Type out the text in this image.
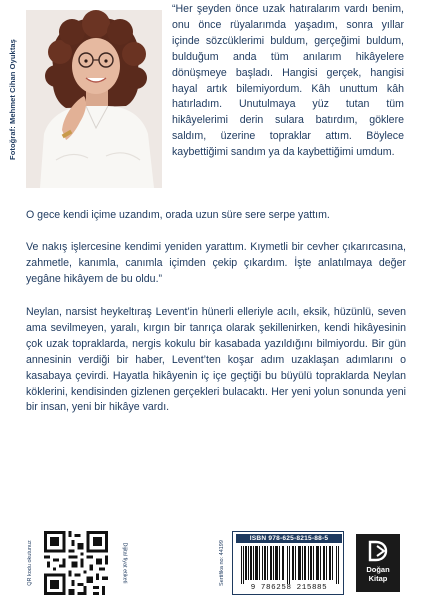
Fotoğraf: Mehmet Cihan Oyuktaş
“Her şeyden önce uzak hatıralarım vardı benim, onu önce rüyalarımda yaşadım, sonra yıllar içinde sözcüklerimi buldum, gerçeğimi buldum, bulduğum anda tüm anılarım hikâyelere dönüşmeye başladı. Hangisi gerçek, hangisi hayal artık bilemiyordum. Kâh unuttum kâh hatırladım. Unutulmaya yüz tutan tüm hikâyelerimi derin sulara batırdım, göklere saldım, üzerine topraklar attım. Böylece kaybettiğimi sandım ya da kaybettiğimi umdum.
O gece kendi içime uzandım, orada uzun süre sere serpe yattım.
Ve nakış işlercesine kendimi yeniden yarattım. Kıymetli bir cevher çıkarırcasına, zahmetle, kanımla, canımla içimden çekip çıkardım. İşte anlatılmaya değer yegâne hikâyem de bu oldu.”
Neylan, narsist heykeltıraş Levent’in hünerli elleriyle acılı, eksik, hüzünlü, seven ama sevilmeyen, yaralı, kırgın bir tanrıça olarak şekillenirken, kendi hikâyesinin çok uzak topraklarda, nergis kokulu bir kasabada yazıldığını bilmiyordu. Bir gün annesinin verdiği bir haber, Levent’ten koşar adım uzaklaşan adımlarını o kasabaya çevirdi. Hayatla hikâyenin iç içe geçtiği bu büyülü topraklarda Neylan köklerini, kendisinden gizlenen gerçekleri bulacaktı. Her yeni yolun sonunda yeni bir insan, yeni bir hikâye vardı.
QR kodu okutunuz	Dijital fiyat etiketi	Sertifika no: 44199
ISBN 978-625-8215-88-5
9 786258 215885
Doğan
Kitap
